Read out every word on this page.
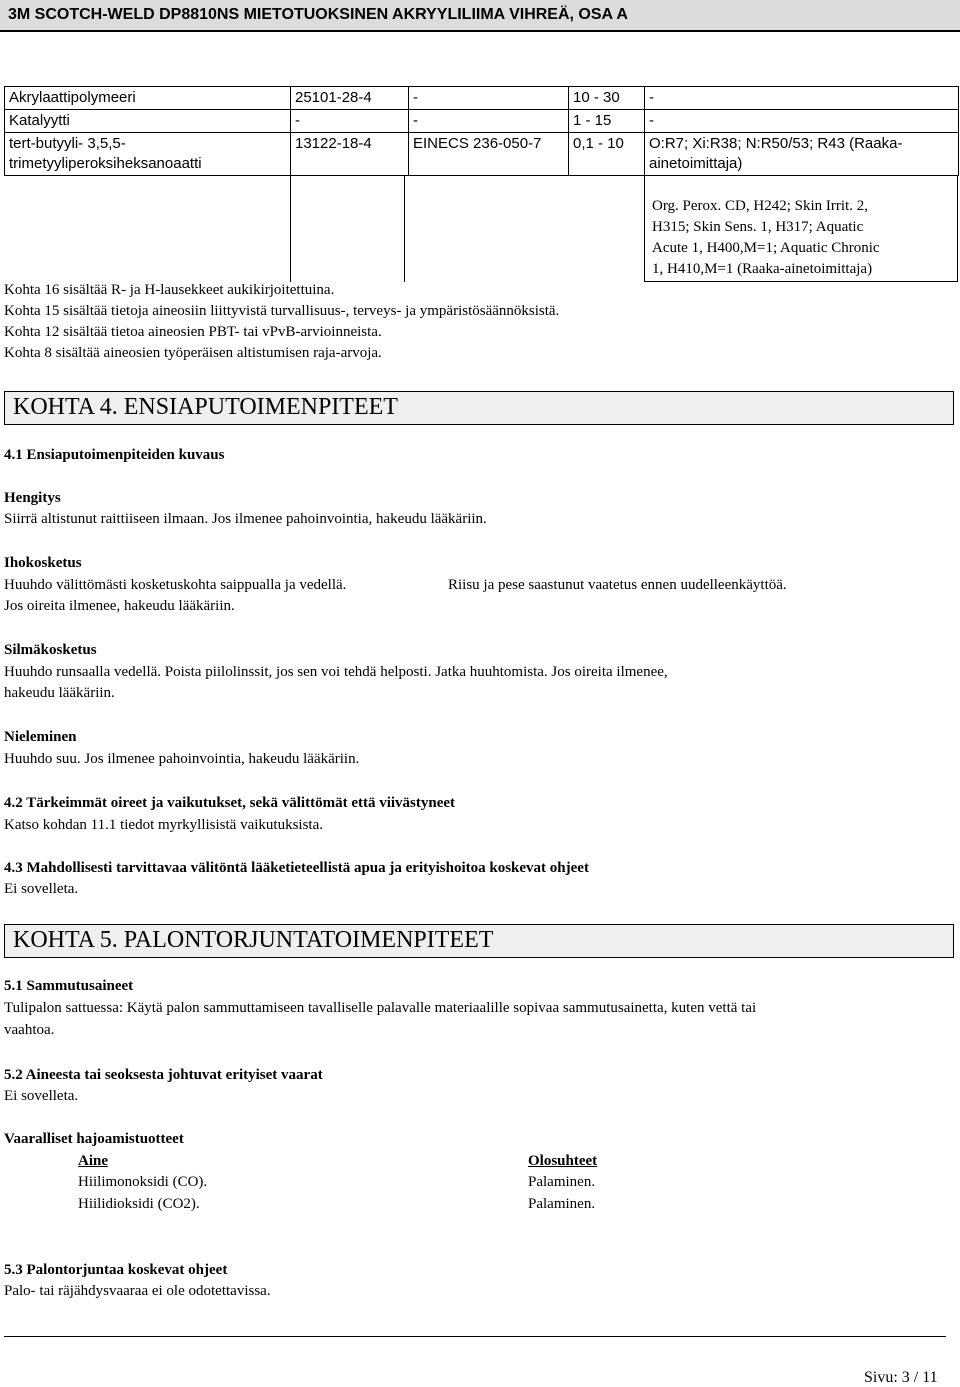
3M SCOTCH-WELD DP8810NS MIETOTUOKSINEN AKRYYLILIIMA VIHREÄ, OSA A
Akrylaattipolymeeri	25101-28-4	-	10 - 30	-
Katalyytti	-	-	1 - 15	-
tert-butyyli- 3,5,5-trimetyyliperoksiheksanoaatti	13122-18-4	EINECS 236-050-7	0,1 - 10	O:R7; Xi:R38; N:R50/53; R43 (Raaka-ainetoimittaja)
Org. Perox. CD, H242; Skin Irrit. 2,
H315; Skin Sens. 1, H317; Aquatic
Acute 1, H400,M=1; Aquatic Chronic
1, H410,M=1 (Raaka-ainetoimittaja)
Kohta 16 sisältää R- ja H-lausekkeet aukikirjoitettuina.
Kohta 15 sisältää tietoja aineosiin liittyvistä turvallisuus-, terveys- ja ympäristösäännöksistä.
Kohta 12 sisältää tietoa aineosien PBT- tai vPvB-arvioinneista.
Kohta 8 sisältää aineosien työperäisen altistumisen raja-arvoja.
KOHTA 4. ENSIAPUTOIMENPITEET
4.1 Ensiaputoimenpiteiden kuvaus
Hengitys
Siirrä altistunut raittiiseen ilmaan. Jos ilmenee pahoinvointia, hakeudu lääkäriin.
Ihokosketus
Huuhdo välittömästi kosketuskohta saippualla ja vedellä.	Riisu ja pese saastunut vaatetus ennen uudelleenkäyttöä.
Jos oireita ilmenee, hakeudu lääkäriin.
Silmäkosketus
Huuhdo runsaalla vedellä. Poista piilolinssit, jos sen voi tehdä helposti. Jatka huuhtomista. Jos oireita ilmenee,
hakeudu lääkäriin.
Nieleminen
Huuhdo suu. Jos ilmenee pahoinvointia, hakeudu lääkäriin.
4.2 Tärkeimmät oireet ja vaikutukset, sekä välittömät että viivästyneet
Katso kohdan 11.1 tiedot myrkyllisistä vaikutuksista.
4.3 Mahdollisesti tarvittavaa välitöntä lääketieteellistä apua ja erityishoitoa koskevat ohjeet
Ei sovelleta.
KOHTA 5. PALONTORJUNTATOIMENPITEET
5.1 Sammutusaineet
Tulipalon sattuessa: Käytä palon sammuttamiseen tavalliselle palavalle materiaalille sopivaa sammutusainetta, kuten vettä tai
vaahtoa.
5.2 Aineesta tai seoksesta johtuvat erityiset vaarat
Ei sovelleta.
Vaaralliset hajoamistuotteet
Aine	Olosuhteet
Hiilimonoksidi (CO).	Palaminen.
Hiilidioksidi (CO2).	Palaminen.
5.3 Palontorjuntaa koskevat ohjeet
Palo- tai räjähdysvaaraa ei ole odotettavissa.
Sivu: 3 / 11
